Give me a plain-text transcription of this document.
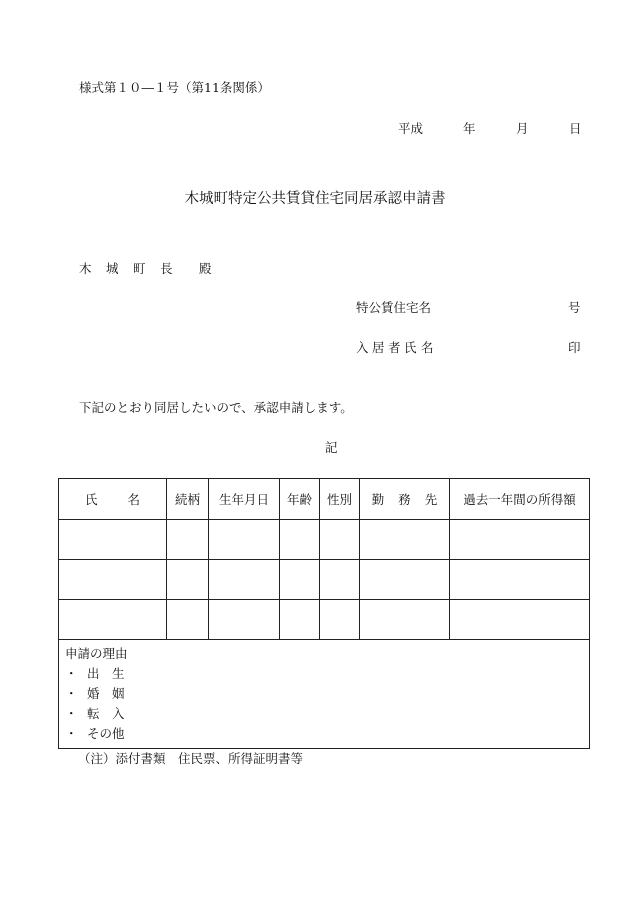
様式第１０―１号（第11条関係）
平成	年	月	日
木城町特定公共賃貸住宅同居承認申請書
木 城 町 長 殿
特公賃住宅名	号
入 居 者 氏 名	印
下記のとおり同居したいので、承認申請します。
記
氏 名	続柄	生年月日	年齢	性別	勤 務 先	過去一年間の所得額

申請の理由
・ 出　生
・ 婚　姻
・ 転　入
・ その他						
（注）添付書類　住民票、所得証明書等
